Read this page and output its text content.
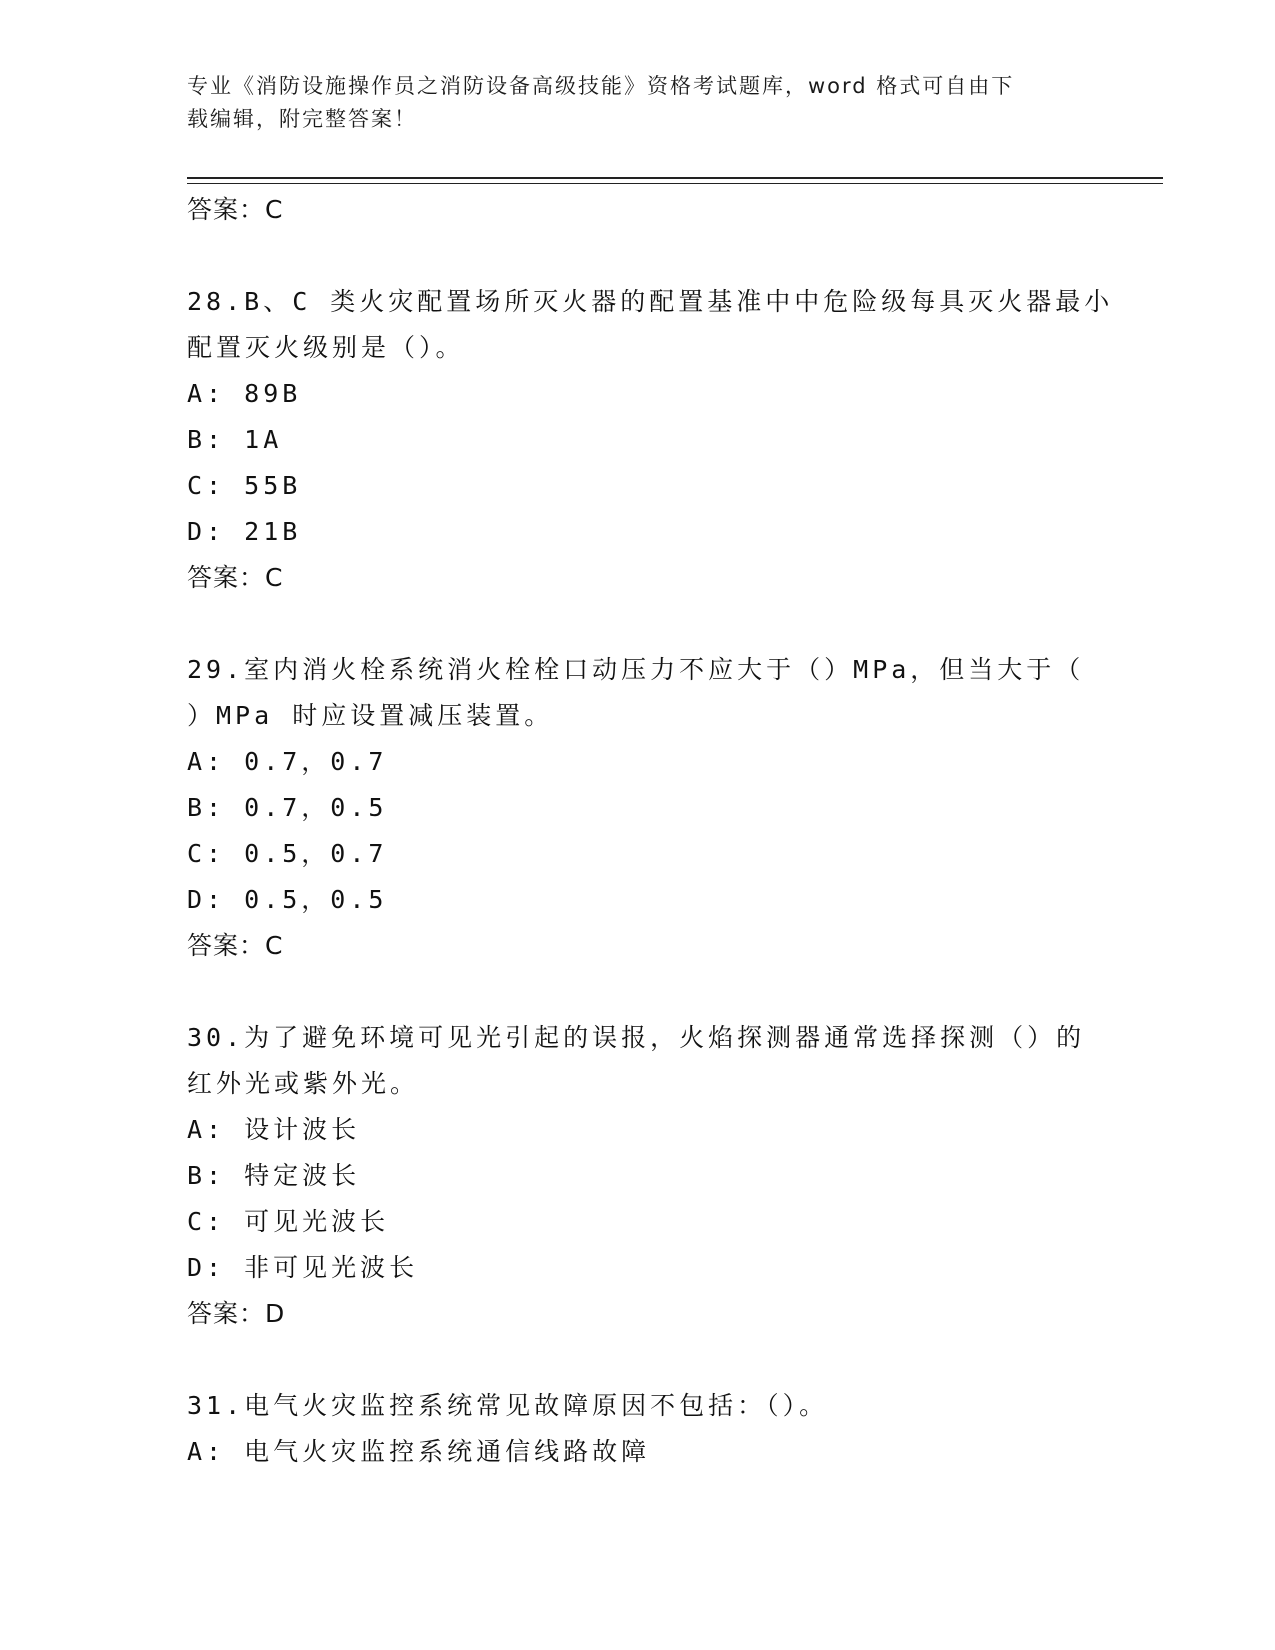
专业《消防设施操作员之消防设备高级技能》资格考试题库，word 格式可自由下
载编辑，附完整答案！
答案：C
28.B、C 类火灾配置场所灭火器的配置基准中中危险级每具灭火器最小
配置灭火级别是（）。
A: 89B
B: 1A
C: 55B
D: 21B
答案：C
29.室内消火栓系统消火栓栓口动压力不应大于（）MPa，但当大于（
）MPa 时应设置减压装置。
A: 0.7，0.7
B: 0.7，0.5
C: 0.5，0.7
D: 0.5，0.5
答案：C
30.为了避免环境可见光引起的误报，火焰探测器通常选择探测（）的
红外光或紫外光。
A: 设计波长
B: 特定波长
C: 可见光波长
D: 非可见光波长
答案：D
31.电气火灾监控系统常见故障原因不包括：（）。
A: 电气火灾监控系统通信线路故障
